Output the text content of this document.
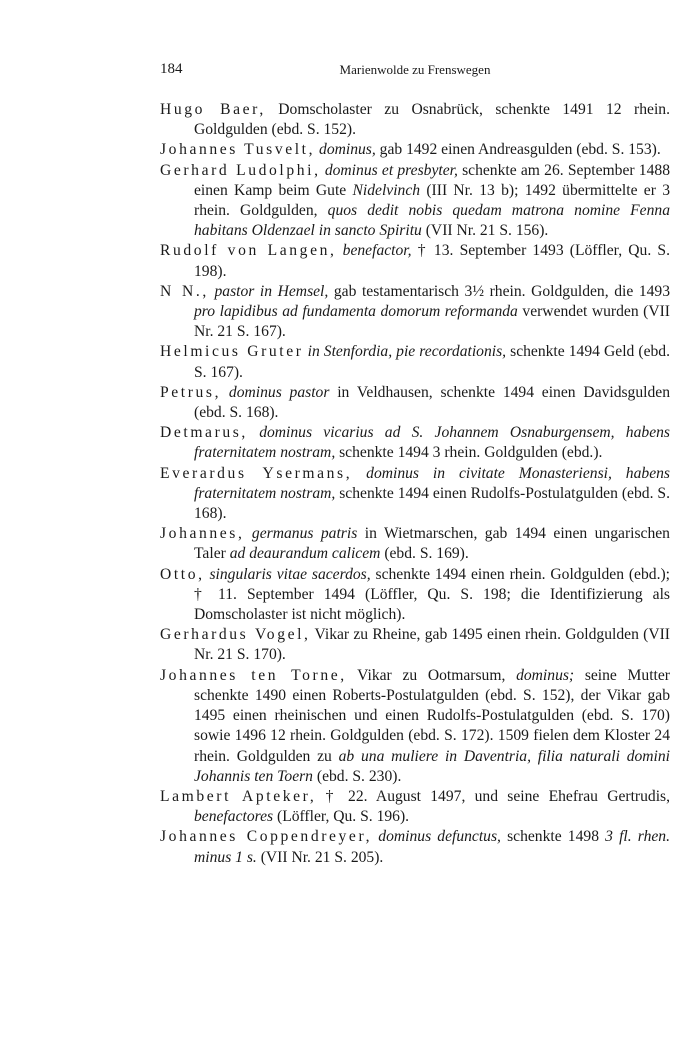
184	Marienwolde zu Frenswegen

Hugo Baer, Domscholaster zu Osnabrück, schenkte 1491 12 rhein. Goldgulden (ebd. S. 152).

Johannes Tusvelt, dominus, gab 1492 einen Andreasgulden (ebd. S. 153).

Gerhard Ludolphi, dominus et presbyter, schenkte am 26. September 1488 einen Kamp beim Gute Nidelvinch (III Nr. 13 b); 1492 übermittelte er 3 rhein. Goldgulden, quos dedit nobis quedam matrona nomine Fenna habitans Oldenzael in sancto Spiritu (VII Nr. 21 S. 156).

Rudolf von Langen, benefactor, † 13. September 1493 (Löffler, Qu. S. 198).

N N., pastor in Hemsel, gab testamentarisch 3½ rhein. Goldgulden, die 1493 pro lapidibus ad fundamenta domorum reformanda verwendet wurden (VII Nr. 21 S. 167).

Helmicus Gruter in Stenfordia, pie recordationis, schenkte 1494 Geld (ebd. S. 167).

Petrus, dominus pastor in Veldhausen, schenkte 1494 einen Davidsgulden (ebd. S. 168).

Detmarus, dominus vicarius ad S. Johannem Osnaburgensem, habens fraternitatem nostram, schenkte 1494 3 rhein. Goldgulden (ebd.).

Everardus Ysermans, dominus in civitate Monasteriensi, habens fraternitatem nostram, schenkte 1494 einen Rudolfs-Postulatgulden (ebd. S. 168).

Johannes, germanus patris in Wietmarschen, gab 1494 einen ungarischen Taler ad deaurandum calicem (ebd. S. 169).

Otto, singularis vitae sacerdos, schenkte 1494 einen rhein. Goldgulden (ebd.); † 11. September 1494 (Löffler, Qu. S. 198; die Identifizierung als Domscholaster ist nicht möglich).

Gerhardus Vogel, Vikar zu Rheine, gab 1495 einen rhein. Goldgulden (VII Nr. 21 S. 170).

Johannes ten Torne, Vikar zu Ootmarsum, dominus; seine Mutter schenkte 1490 einen Roberts-Postulatgulden (ebd. S. 152), der Vikar gab 1495 einen rheinischen und einen Rudolfs-Postulatgulden (ebd. S. 170) sowie 1496 12 rhein. Goldgulden (ebd. S. 172). 1509 fielen dem Kloster 24 rhein. Goldgulden zu ab una muliere in Daventria, filia naturali domini Johannis ten Toern (ebd. S. 230).

Lambert Apteker, † 22. August 1497, und seine Ehefrau Gertrudis, benefactores (Löffler, Qu. S. 196).

Johannes Coppendreyer, dominus defunctus, schenkte 1498 3 fl. rhen. minus 1 s. (VII Nr. 21 S. 205).
